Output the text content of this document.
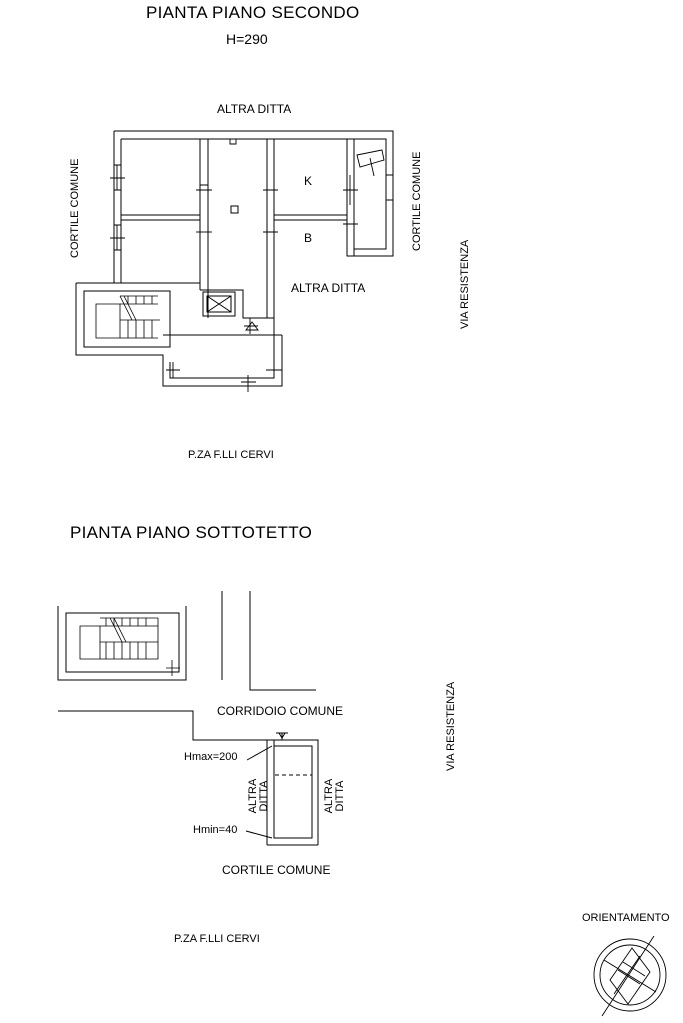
PIANTA PIANO SECONDO
H=290
ALTRA DITTA
CORTILE COMUNE	CORTILE COMUNE
ALTRA DITTA	VIA RESISTENZA
P.ZA F.LLI CERVI
K
B
PIANTA PIANO SOTTOTETTO
CORRIDOIO COMUNE
CORTILE COMUNE
Hmax=200
Hmin=40
VIA RESISTENZA
P.ZA F.LLI CERVI
ORIENTAMENTO
ALTRA DITTA	ALTRA DITTA
